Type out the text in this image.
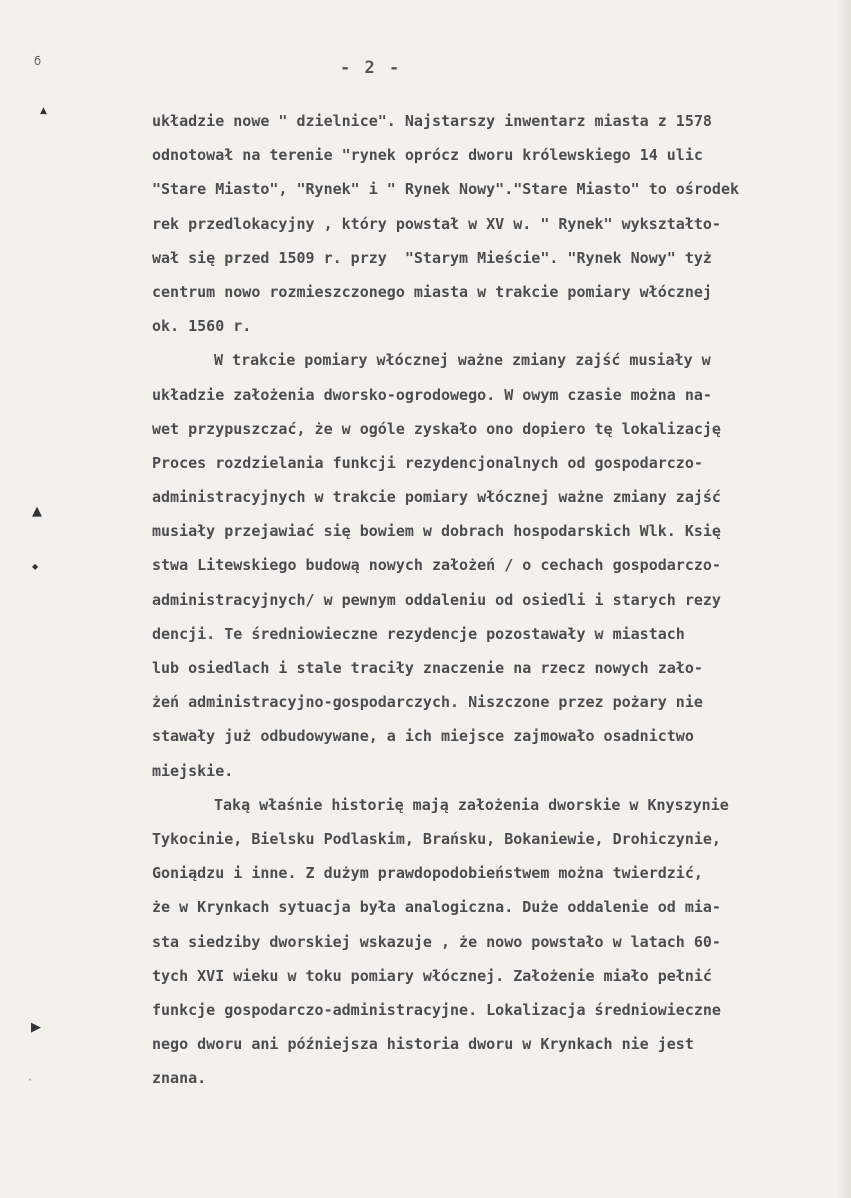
ϭ
▲
▲
◆
▶
˄
- 2 -
układzie nowe " dzielnice". Najstarszy inwentarz miasta z 1578
odnotował na terenie "rynek oprócz dworu królewskiego 14 ulic
"Stare Miasto", "Rynek" i " Rynek Nowy"."Stare Miasto" to ośrodek
rek przedlokacyjny , który powstał w XV w. " Rynek" wykształto-
wał się przed 1509 r. przy  "Starym Mieście". "Rynek Nowy" tyż
centrum nowo rozmieszczonego miasta w trakcie pomiary włócznej
ok. 1560 r.
W trakcie pomiary włócznej ważne zmiany zajść musiały w
układzie założenia dworsko-ogrodowego. W owym czasie można na-
wet przypuszczać, że w ogóle zyskało ono dopiero tę lokalizację
Proces rozdzielania funkcji rezydencjonalnych od gospodarczo-
administracyjnych w trakcie pomiary włócznej ważne zmiany zajść
musiały przejawiać się bowiem w dobrach hospodarskich Wlk. Księ
stwa Litewskiego budową nowych założeń / o cechach gospodarczo-
administracyjnych/ w pewnym oddaleniu od osiedli i starych rezy
dencji. Te średniowieczne rezydencje pozostawały w miastach
lub osiedlach i stale traciły znaczenie na rzecz nowych zało-
żeń administracyjno-gospodarczych. Niszczone przez pożary nie
stawały już odbudowywane, a ich miejsce zajmowało osadnictwo
miejskie.
Taką właśnie historię mają założenia dworskie w Knyszynie
Tykocinie, Bielsku Podlaskim, Brańsku, Bokaniewie, Drohiczynie,
Goniądzu i inne. Z dużym prawdopodobieństwem można twierdzić,
że w Krynkach sytuacja była analogiczna. Duże oddalenie od mia-
sta siedziby dworskiej wskazuje , że nowo powstało w latach 60-
tych XVI wieku w toku pomiary włócznej. Założenie miało pełnić
funkcje gospodarczo-administracyjne. Lokalizacja średniowieczne
nego dworu ani późniejsza historia dworu w Krynkach nie jest
znana.
